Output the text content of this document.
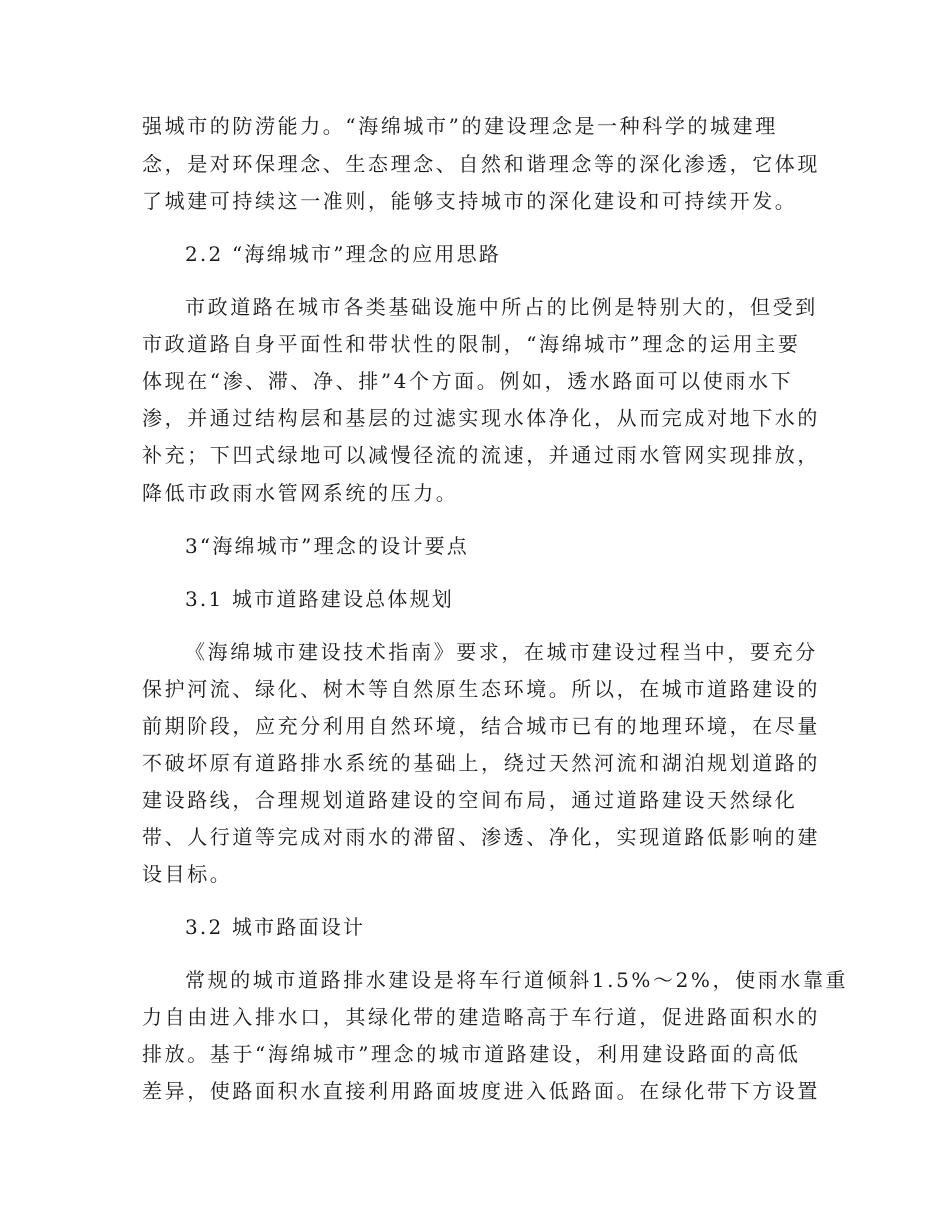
强城市的防涝能力。“海绵城市”的建设理念是一种科学的城建理
念，是对环保理念、生态理念、自然和谐理念等的深化渗透，它体现
了城建可持续这一准则，能够支持城市的深化建设和可持续开发。
2.2 “海绵城市”理念的应用思路
市政道路在城市各类基础设施中所占的比例是特别大的，但受到
市政道路自身平面性和带状性的限制，“海绵城市”理念的运用主要
体现在“渗、滞、净、排”4个方面。例如，透水路面可以使雨水下
渗，并通过结构层和基层的过滤实现水体净化，从而完成对地下水的
补充；下凹式绿地可以减慢径流的流速，并通过雨水管网实现排放，
降低市政雨水管网系统的压力。
3“海绵城市”理念的设计要点
3.1 城市道路建设总体规划
《海绵城市建设技术指南》要求，在城市建设过程当中，要充分
保护河流、绿化、树木等自然原生态环境。所以，在城市道路建设的
前期阶段，应充分利用自然环境，结合城市已有的地理环境，在尽量
不破坏原有道路排水系统的基础上，绕过天然河流和湖泊规划道路的
建设路线，合理规划道路建设的空间布局，通过道路建设天然绿化
带、人行道等完成对雨水的滞留、渗透、净化，实现道路低影响的建
设目标。
3.2 城市路面设计
常规的城市道路排水建设是将车行道倾斜1.5%～2%，使雨水靠重
力自由进入排水口，其绿化带的建造略高于车行道，促进路面积水的
排放。基于“海绵城市”理念的城市道路建设，利用建设路面的高低
差异，使路面积水直接利用路面坡度进入低路面。在绿化带下方设置
